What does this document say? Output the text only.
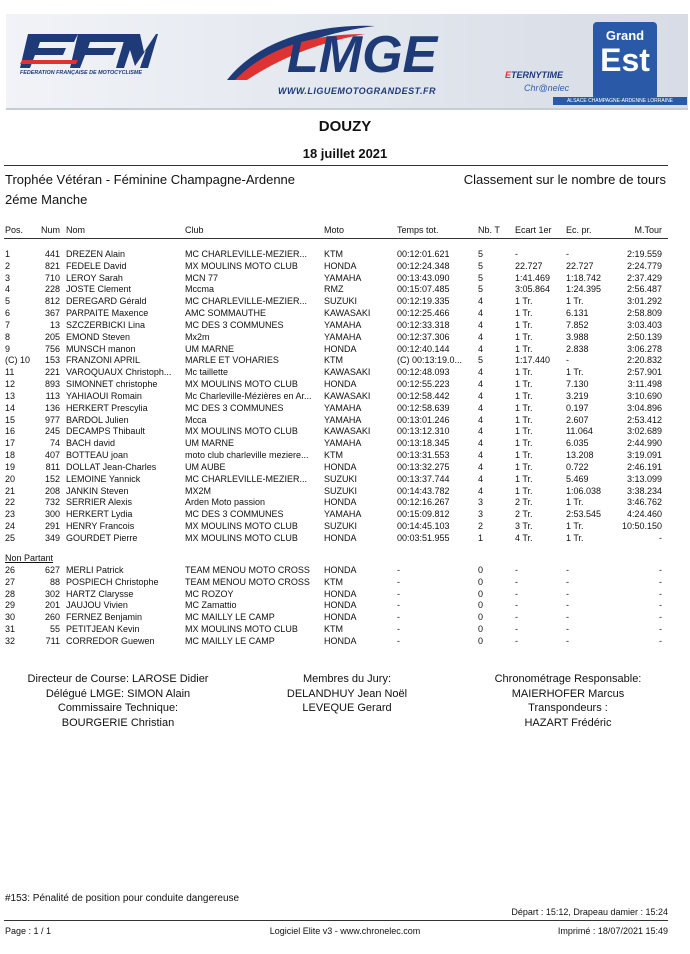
FEDERATION FRANÇAISE DE MOTOCYCLISME	LMGE
WWW.LIGUEMOTOGRANDEST.FR
ETERNYTIME
Chr@nelec
Grand
Est
ALSACE CHAMPAGNE-ARDENNE LORRAINE
DOUZY
18 juillet 2021
Trophée Vétéran - Féminine Champagne-Ardenne	Classement sur le nombre de tours
2éme Manche
Pos.	Num Nom	Club	Moto	Temps tot.	Nb. T	Ecart 1er	Ec. pr.	M.Tour
1	441 DREZEN Alain	MC CHARLEVILLE-MEZIER...	KTM	00:12:01.621	5	-	-	2:19.559
2	821 FEDELE David	MX MOULINS MOTO CLUB	HONDA	00:12:24.348	5	22.727	22.727	2:24.779
3	710 LEROY Sarah	MCN 77	YAMAHA	00:13:43.090	5	1:41.469	1:18.742	2:37.429
4	228 JOSTE Clement	Mccma	RMZ	00:15:07.485	5	3:05.864	1:24.395	2:56.487
5	812 DEREGARD Gérald	MC CHARLEVILLE-MEZIER...	SUZUKI	00:12:19.335	4	1 Tr.	1 Tr.	3:01.292
6	367 PARPAITE Maxence	AMC SOMMAUTHE	KAWASAKI	00:12:25.466	4	1 Tr.	6.131	2:58.809
7	13 SZCZERBICKI Lina	MC DES 3 COMMUNES	YAMAHA	00:12:33.318	4	1 Tr.	7.852	3:03.403
8	205 EMOND Steven	Mx2m	YAMAHA	00:12:37.306	4	1 Tr.	3.988	2:50.139
9	756 MUNSCH manon	UM MARNE	HONDA	00:12:40.144	4	1 Tr.	2.838	3:06.278
(C) 10	153 FRANZONI APRIL	MARLE ET VOHARIES	KTM	(C) 00:13:19.0...	5	1:17.440	-	2:20.832
11	221 VAROQUAUX Christoph...	Mc taillette	KAWASAKI	00:12:48.093	4	1 Tr.	1 Tr.	2:57.901
12	893 SIMONNET christophe	MX MOULINS MOTO CLUB	HONDA	00:12:55.223	4	1 Tr.	7.130	3:11.498
13	113 YAHIAOUI Romain	Mc Charleville-Mézières en Ar...	KAWASAKI	00:12:58.442	4	1 Tr.	3.219	3:10.690
14	136 HERKERT Prescylia	MC DES 3 COMMUNES	YAMAHA	00:12:58.639	4	1 Tr.	0.197	3:04.896
15	977 BARDOL Julien	Mcca	YAMAHA	00:13:01.246	4	1 Tr.	2.607	2:53.412
16	245 DECAMPS Thibault	MX MOULINS MOTO CLUB	KAWASAKI	00:13:12.310	4	1 Tr.	11.064	3:02.689
17	74 BACH david	UM MARNE	YAMAHA	00:13:18.345	4	1 Tr.	6.035	2:44.990
18	407 BOTTEAU joan	moto club charleville meziere...	KTM	00:13:31.553	4	1 Tr.	13.208	3:19.091
19	811 DOLLAT Jean-Charles	UM AUBE	HONDA	00:13:32.275	4	1 Tr.	0.722	2:46.191
20	152 LEMOINE Yannick	MC CHARLEVILLE-MEZIER...	SUZUKI	00:13:37.744	4	1 Tr.	5.469	3:13.099
21	208 JANKIN Steven	MX2M	SUZUKI	00:14:43.782	4	1 Tr.	1:06.038	3:38.234
22	732 SERRIER Alexis	Arden Moto passion	HONDA	00:12:16.267	3	2 Tr.	1 Tr.	3:46.762
23	300 HERKERT Lydia	MC DES 3 COMMUNES	YAMAHA	00:15:09.812	3	2 Tr.	2:53.545	4:24.460
24	291 HENRY Francois	MX MOULINS MOTO CLUB	SUZUKI	00:14:45.103	2	3 Tr.	1 Tr.	10:50.150
25	349 GOURDET Pierre	MX MOULINS MOTO CLUB	HONDA	00:03:51.955	1	4 Tr.	1 Tr.	-
Non Partant
26	627 MERLI Patrick	TEAM MENOU MOTO CROSS	HONDA	-	0	-	-	-
27	88 POSPIECH Christophe	TEAM MENOU MOTO CROSS	KTM	-	0	-	-	-
28	302 HARTZ Clarysse	MC ROZOY	HONDA	-	0	-	-	-
29	201 JAUJOU Vivien	MC Zamattio	HONDA	-	0	-	-	-
30	260 FERNEZ Benjamin	MC MAILLY LE CAMP	HONDA	-	0	-	-	-
31	55 PETITJEAN Kevin	MX MOULINS MOTO CLUB	KTM	-	0	-	-	-
32	711 CORREDOR Guewen	MC MAILLY LE CAMP	HONDA	-	0	-	-	-
Directeur de Course: LAROSE Didier
Délégué LMGE: SIMON Alain
Commissaire Technique:
BOURGERIE Christian
Membres du Jury:
DELANDHUY Jean Noël
LEVEQUE Gerard
Chronométrage Responsable:
MAIERHOFER Marcus
Transpondeurs :
HAZART Frédéric
#153: Pénalité de position pour conduite dangereuse
Départ : 15:12, Drapeau damier : 15:24
Page : 1 / 1	Logiciel Elite v3 - www.chronelec.com	Imprimé : 18/07/2021 15:49
